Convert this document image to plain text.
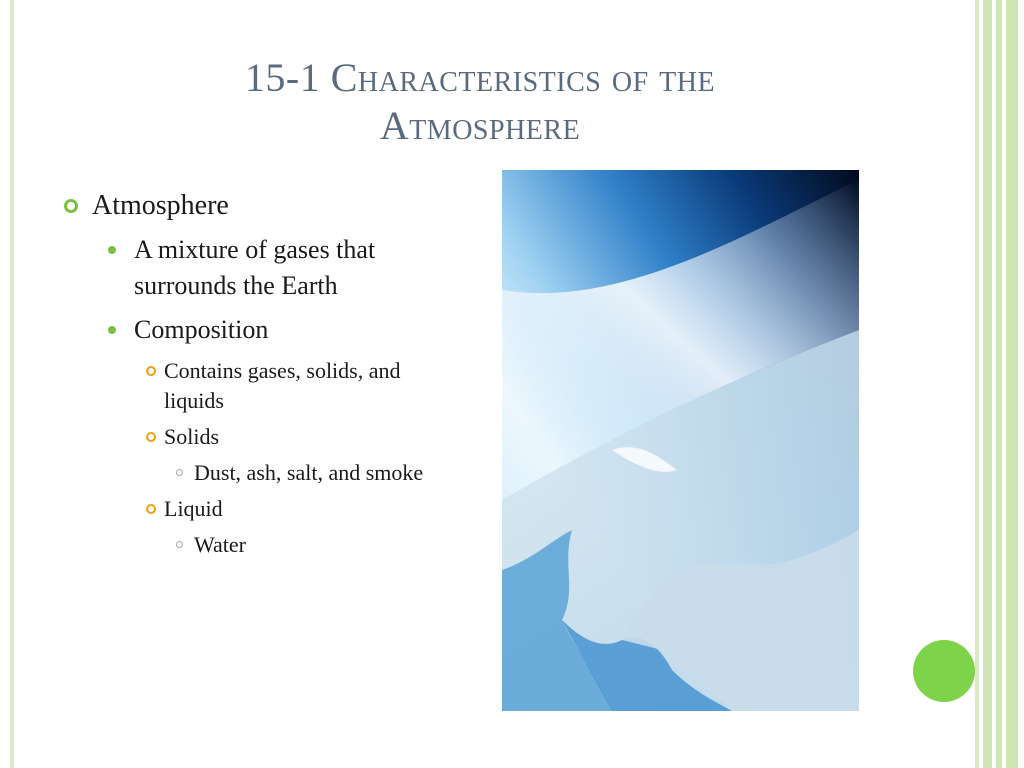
15-1 Characteristics of the
Atmosphere
Atmosphere
A mixture of gases that surrounds the Earth
Composition
Contains gases, solids, and liquids
Solids
Dust, ash, salt, and smoke
Liquid
Water
